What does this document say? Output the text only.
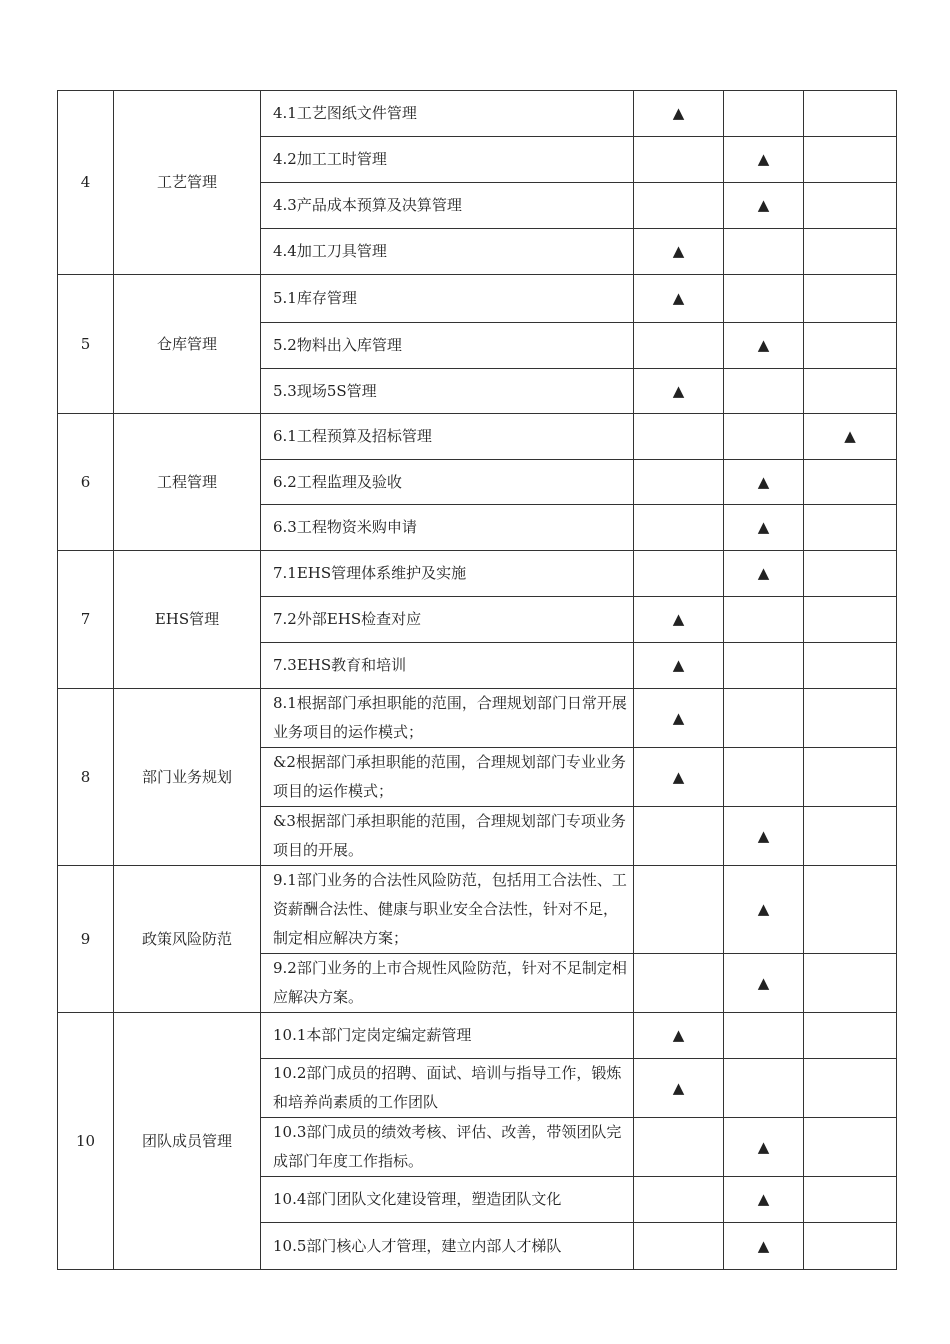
4	工艺管理	4.1工艺图纸文件管理	▲		
		4.2加工工时管理		▲	
		4.3产品成本预算及决算管理		▲	
		4.4加工刀具管理	▲		
5	仓库管理	5.1库存管理	▲		
		5.2物料出入库管理		▲	
		5.3现场5S管理	▲		
6	工程管理	6.1工程预算及招标管理			▲
		6.2工程监理及验收		▲	
		6.3工程物资米购申请		▲	
7	EHS管理	7.1EHS管理体系维护及实施		▲	
		7.2外部EHS检查对应	▲		
		7.3EHS教育和培训	▲		
8	部门业务规划	8.1根据部门承担职能的范围，合理规划部门日常开展业务项目的运作模式；	▲		
		&2根据部门承担职能的范围，合理规划部门专业业务项目的运作模式；	▲		
		&3根据部门承担职能的范围，合理规划部门专项业务项目的开展。		▲	
9	政策风险防范	9.1部门业务的合法性风险防范，包括用工合法性、工资薪酬合法性、健康与职业安全合法性，针对不足，制定相应解决方案；		▲	
		9.2部门业务的上市合规性风险防范，针对不足制定相应解决方案。		▲	
10	团队成员管理	10.1本部门定岗定编定薪管理	▲		
		10.2部门成员的招聘、面试、培训与指导工作，锻炼和培养尚素质的工作团队	▲		
		10.3部门成员的绩效考核、评估、改善，带领团队完成部门年度工作指标。		▲	
		10.4部门团队文化建设管理，塑造团队文化		▲	
		10.5部门核心人才管理，建立内部人才梯队		▲	
